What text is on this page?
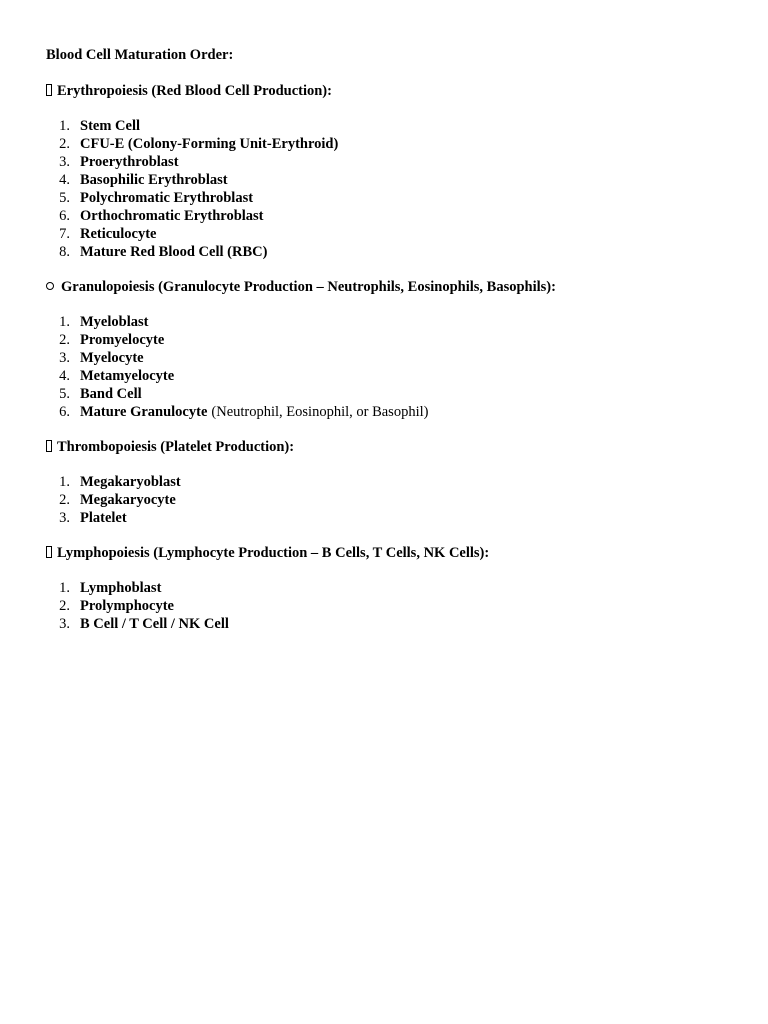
Blood Cell Maturation Order:
Erythropoiesis (Red Blood Cell Production):
1. Stem Cell
2. CFU-E (Colony-Forming Unit-Erythroid)
3. Proerythroblast
4. Basophilic Erythroblast
5. Polychromatic Erythroblast
6. Orthochromatic Erythroblast
7. Reticulocyte
8. Mature Red Blood Cell (RBC)
Granulopoiesis (Granulocyte Production – Neutrophils, Eosinophils, Basophils):
1. Myeloblast
2. Promyelocyte
3. Myelocyte
4. Metamyelocyte
5. Band Cell
6. Mature Granulocyte (Neutrophil, Eosinophil, or Basophil)
Thrombopoiesis (Platelet Production):
1. Megakaryoblast
2. Megakaryocyte
3. Platelet
Lymphopoiesis (Lymphocyte Production – B Cells, T Cells, NK Cells):
1. Lymphoblast
2. Prolymphocyte
3. B Cell / T Cell / NK Cell
